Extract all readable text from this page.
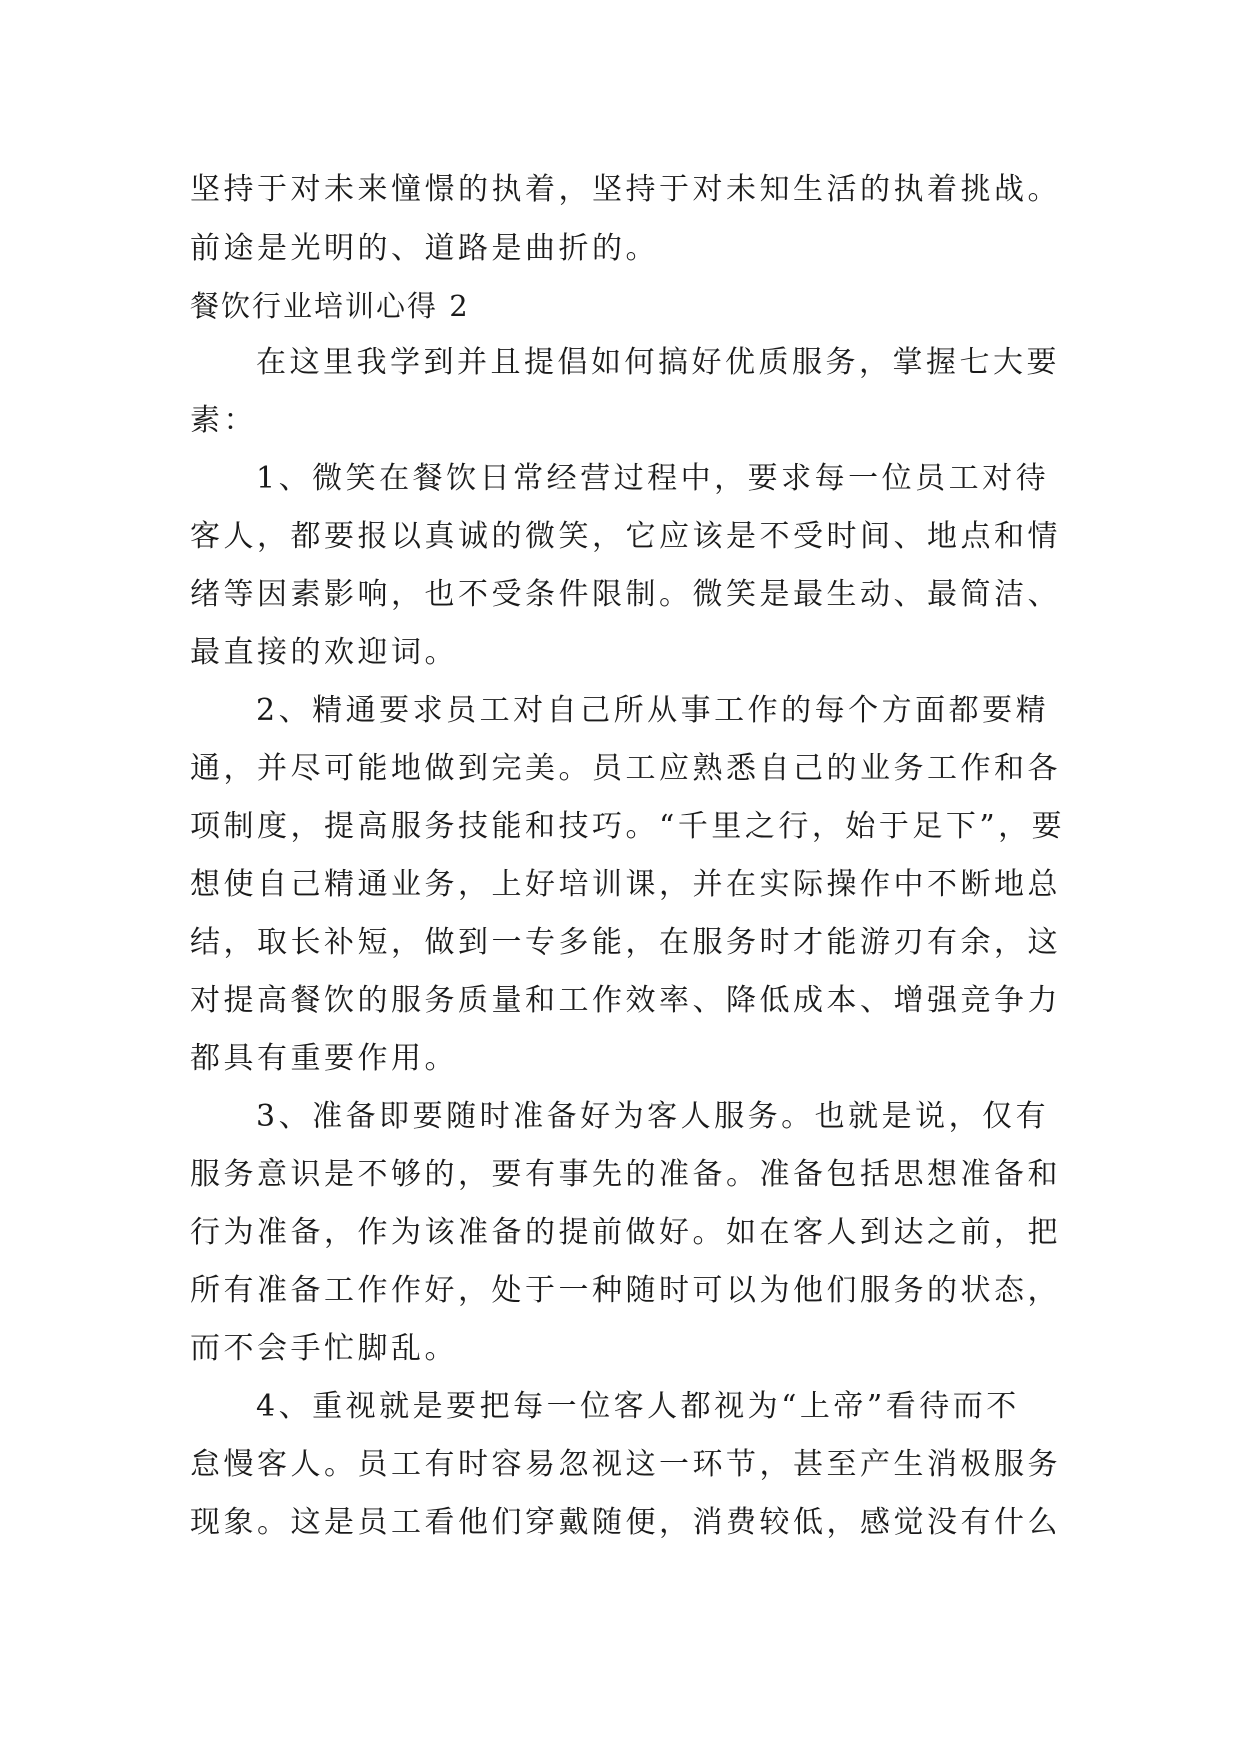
坚持于对未来憧憬的执着，坚持于对未知生活的执着挑战。
前途是光明的、道路是曲折的。
餐饮行业培训心得 2
在这里我学到并且提倡如何搞好优质服务，掌握七大要
素：
1、微笑在餐饮日常经营过程中，要求每一位员工对待
客人，都要报以真诚的微笑，它应该是不受时间、地点和情
绪等因素影响，也不受条件限制。微笑是最生动、最简洁、
最直接的欢迎词。
2、精通要求员工对自己所从事工作的每个方面都要精
通，并尽可能地做到完美。员工应熟悉自己的业务工作和各
项制度，提高服务技能和技巧。“千里之行，始于足下”，要
想使自己精通业务，上好培训课，并在实际操作中不断地总
结，取长补短，做到一专多能，在服务时才能游刃有余，这
对提高餐饮的服务质量和工作效率、降低成本、增强竞争力
都具有重要作用。
3、准备即要随时准备好为客人服务。也就是说，仅有
服务意识是不够的，要有事先的准备。准备包括思想准备和
行为准备，作为该准备的提前做好。如在客人到达之前，把
所有准备工作作好，处于一种随时可以为他们服务的状态，
而不会手忙脚乱。
4、重视就是要把每一位客人都视为“上帝”看待而不
怠慢客人。员工有时容易忽视这一环节，甚至产生消极服务
现象。这是员工看他们穿戴随便，消费较低，感觉没有什么
